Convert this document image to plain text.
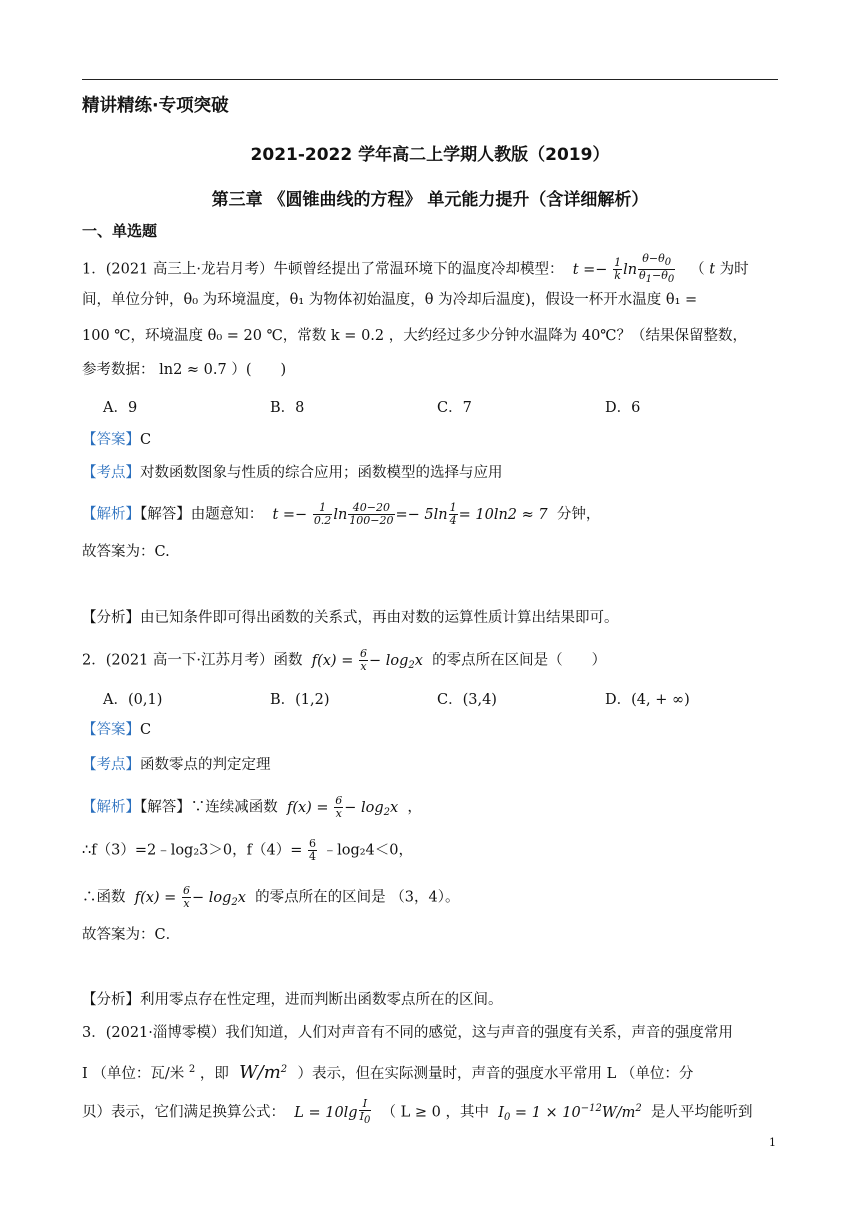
精讲精练·专项突破
2021-2022 学年高二上学期人教版（2019）
第三章 《圆锥曲线的方程》 单元能力提升（含详细解析）
一、单选题
1．(2021 高三上·龙岩月考）牛顿曾经提出了常温环境下的温度冷却模型：  $t =- \frac{1}{k}$ $\ln \frac{\theta-\theta 0}{\theta 1-\theta 0}$ （ t 为时
间，单位分钟，θ₀ 为环境温度，θ₁ 为物体初始温度，θ 为冷却后温度)，假设一杯开水温度 θ₁ =
100 ℃，环境温度 θ₀ = 20 ℃，常数 k = 0.2 ，大约经过多少分钟水温降为 40℃？（结果保留整数，
参考数据： ln2 ≈ 0.7 ）(　　)
A．9	B．8	C．7	D．6
【答案】C
【考点】对数函数图象与性质的综合应用；函数模型的选择与应用
【解析】【解答】由题意知：  $t =- \frac{1}{0.2}$ $\ln \frac{40-20}{100-20} =- 5\ln \frac{1}{4} = 10\ln 2 \approx 7$  分钟，
故答案为：C.
【分析】由已知条件即可得出函数的关系式，再由对数的运算性质计算出结果即可。
2．(2021 高一下·江苏月考）函数  $f(x) = \frac{6}{x} - \log_2x$  的零点所在区间是（　　）
A．(0,1)	B．(1,2)	C．(3,4)	D．(4, + ∞)
【答案】C
【考点】函数零点的判定定理
【解析】【解答】∵连续减函数  $f(x) = \frac{6}{x} - \log_2x$  ，
∴f（3）=2﹣log₂3＞0，$f(4)= \frac{6}{4}$ ﹣log₂4＜0，
∴函数  $f(x) = \frac{6}{x} - \log_2x$  的零点所在的区间是 （3，4）。
故答案为：C．
【分析】利用零点存在性定理，进而判断出函数零点所在的区间。
3．(2021·淄博零模）我们知道，人们对声音有不同的感觉，这与声音的强度有关系，声音的强度常用
I （单位：瓦/米 $^2$ ，即  $W/m^2$ ）表示，但在实际测量时，声音的强度水平常用 L （单位：分
贝）表示，它们满足换算公式：  $L = 10\lg \frac{I}{I0}$ （ L ≥ 0 ，其中  $I_0 = 1 \times 10^{-12}W/m^2$ 是人平均能听到
1
